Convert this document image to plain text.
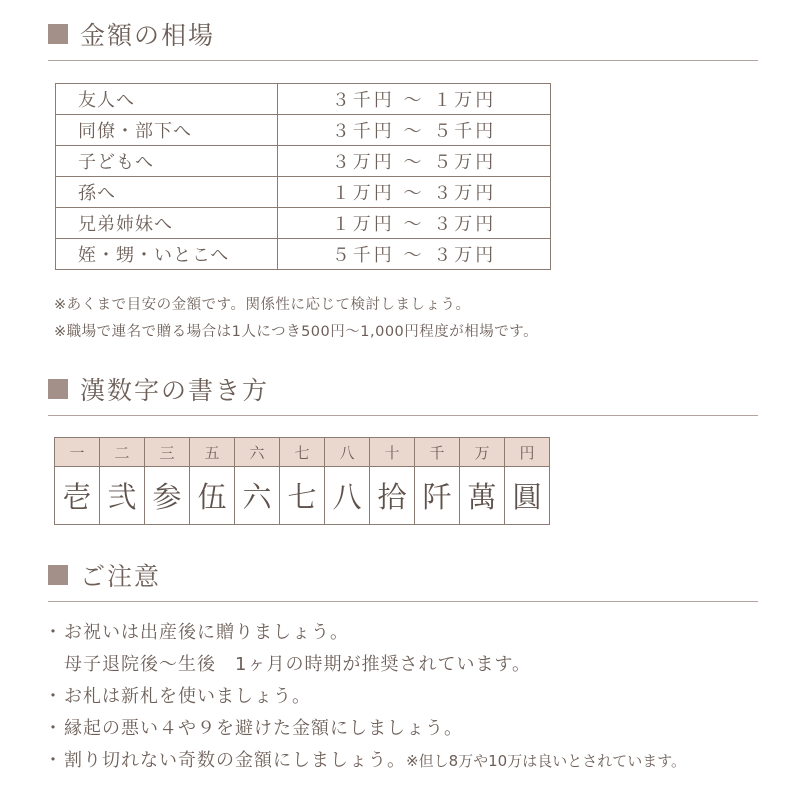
金額の相場
友人へ	３千円 ～ １万円
同僚・部下へ	３千円 ～ ５千円
子どもへ	３万円 ～ ５万円
孫へ	１万円 ～ ３万円
兄弟姉妹へ	１万円 ～ ３万円
姪・甥・いとこへ	５千円 ～ ３万円
※あくまで目安の金額です。関係性に応じて検討しましょう。
※職場で連名で贈る場合は1人につき500円～1,000円程度が相場です。
漢数字の書き方
一	二	三	五	六	七	八	十	千	万	円
壱	弐	参	伍	六	七	八	拾	阡	萬	圓
ご注意
・お祝いは出産後に贈りましょう。
母子退院後～生後　1ヶ月の時期が推奨されています。
・お札は新札を使いましょう。
・縁起の悪い４や９を避けた金額にしましょう。
・割り切れない奇数の金額にしましょう。※但し8万や10万は良いとされています。
